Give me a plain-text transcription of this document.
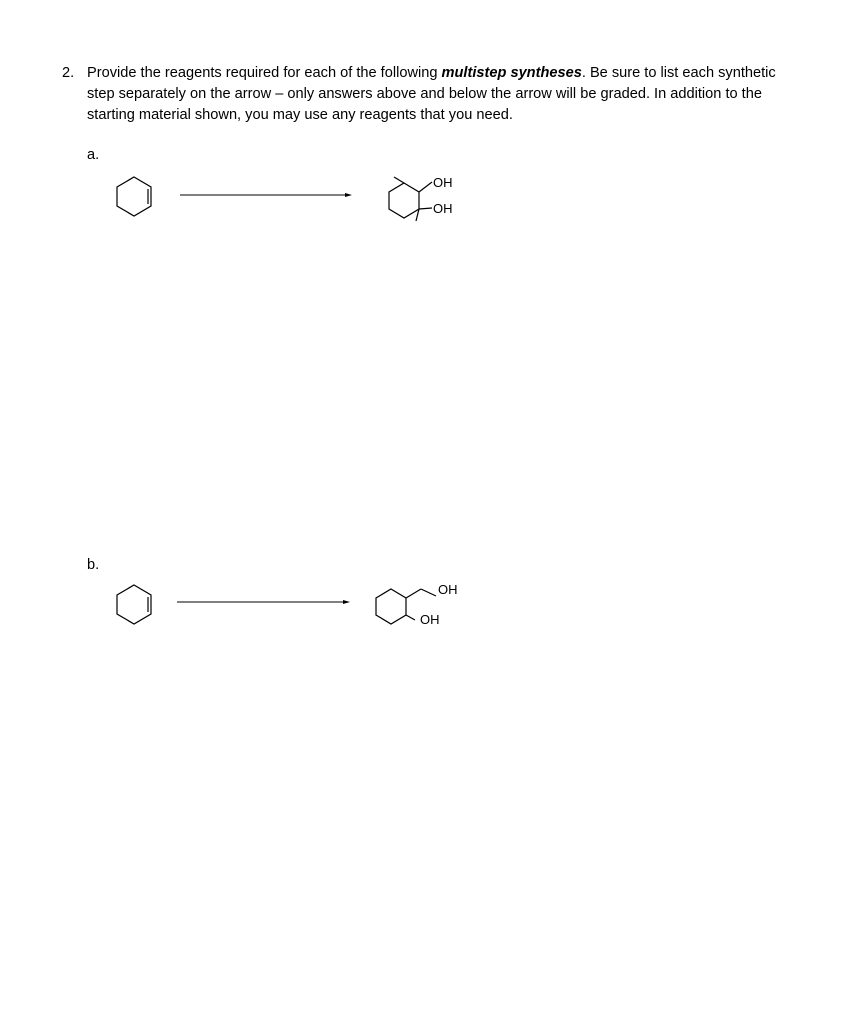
2. Provide the reagents required for each of the following multistep syntheses. Be sure to list each synthetic step separately on the arrow – only answers above and below the arrow will be graded. In addition to the starting material shown, you may use any reagents that you need.
a.
OH
OH
b.
OH
OH
